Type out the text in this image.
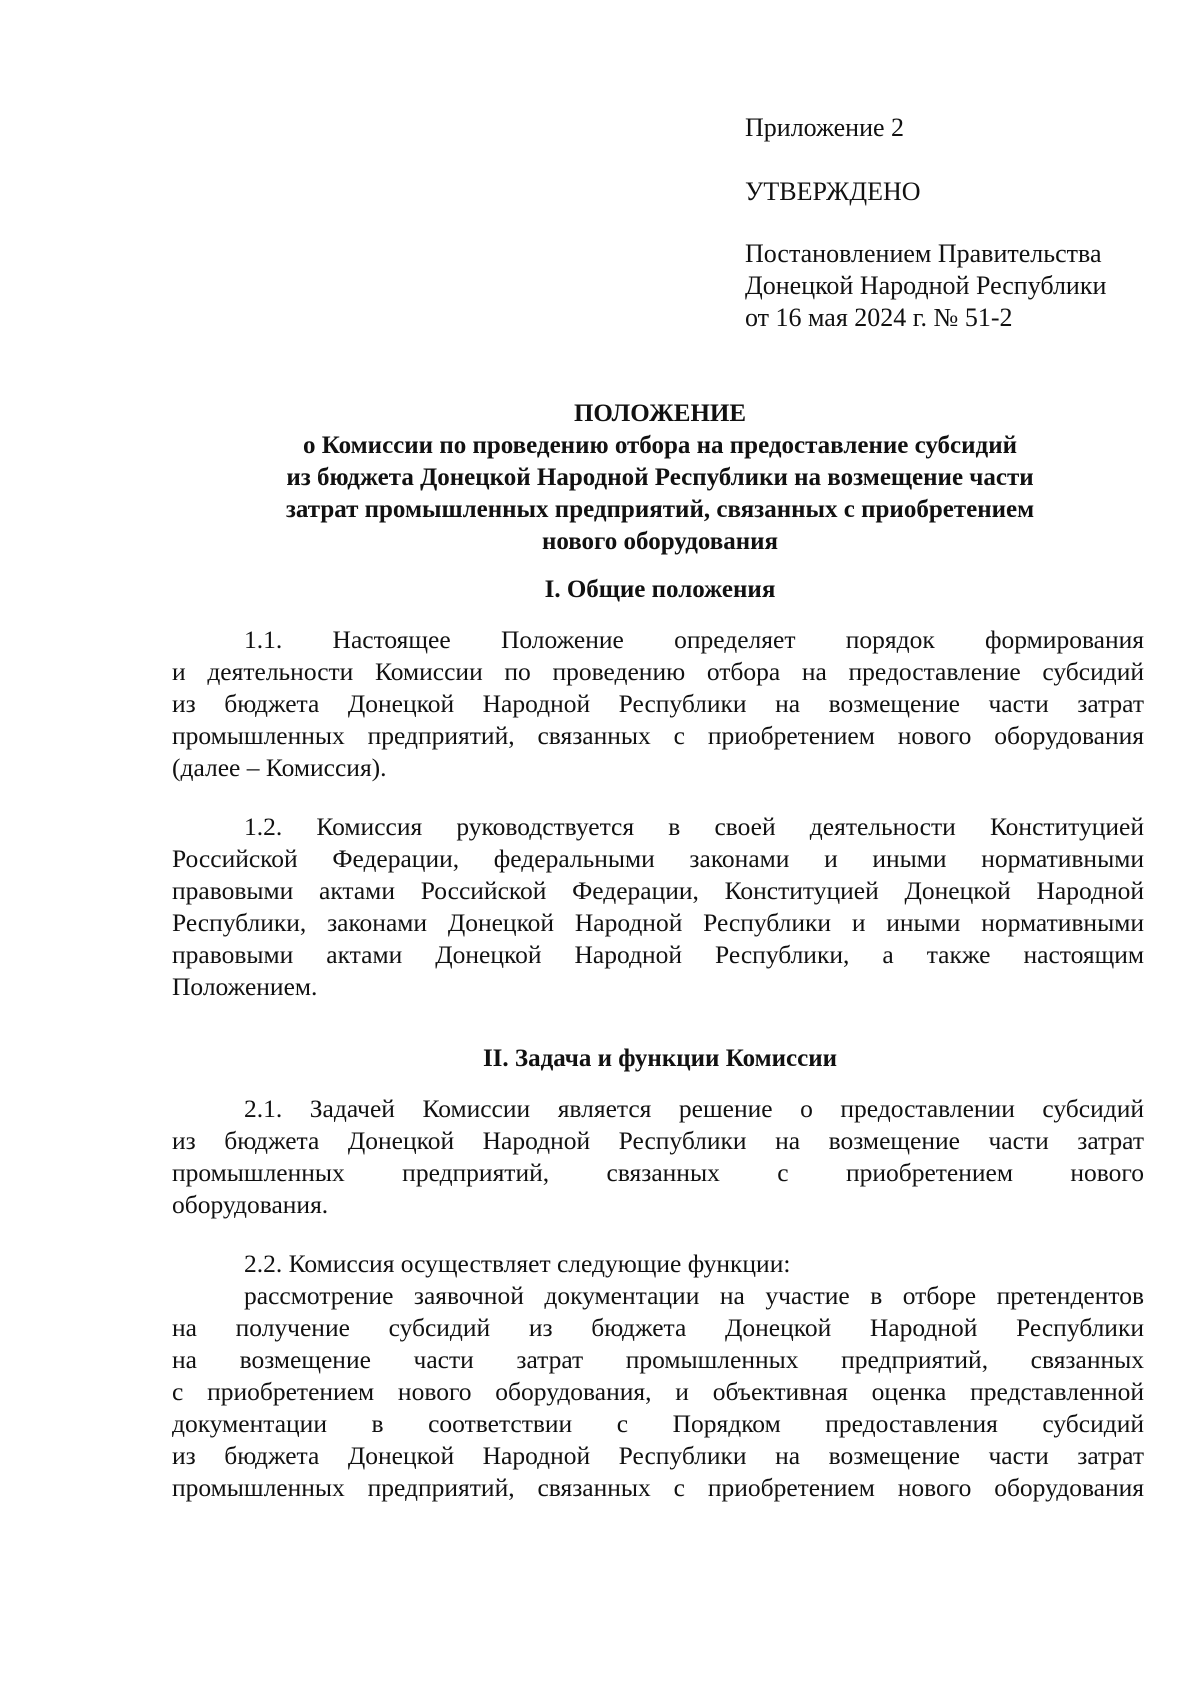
Приложение 2
УТВЕРЖДЕНО
Постановлением Правительства
Донецкой Народной Республики
от 16 мая 2024 г. № 51-2
ПОЛОЖЕНИЕ
о Комиссии по проведению отбора на предоставление субсидий
из бюджета Донецкой Народной Республики на возмещение части
затрат промышленных предприятий, связанных с приобретением
нового оборудования
I. Общие положения
1.1. Настоящее Положение определяет порядок формирования
и деятельности Комиссии по проведению отбора на предоставление субсидий
из бюджета Донецкой Народной Республики на возмещение части затрат
промышленных предприятий, связанных с приобретением нового оборудования
(далее – Комиссия).
1.2. Комиссия руководствуется в своей деятельности Конституцией
Российской Федерации, федеральными законами и иными нормативными
правовыми актами Российской Федерации, Конституцией Донецкой Народной
Республики, законами Донецкой Народной Республики и иными нормативными
правовыми актами Донецкой Народной Республики, а также настоящим
Положением.
II. Задача и функции Комиссии
2.1. Задачей Комиссии является решение о предоставлении субсидий
из бюджета Донецкой Народной Республики на возмещение части затрат
промышленных предприятий, связанных с приобретением нового
оборудования.
2.2. Комиссия осуществляет следующие функции:
рассмотрение заявочной документации на участие в отборе претендентов
на получение субсидий из бюджета Донецкой Народной Республики
на возмещение части затрат промышленных предприятий, связанных
с приобретением нового оборудования, и объективная оценка представленной
документации в соответствии с Порядком предоставления субсидий
из бюджета Донецкой Народной Республики на возмещение части затрат
промышленных предприятий, связанных с приобретением нового оборудования
